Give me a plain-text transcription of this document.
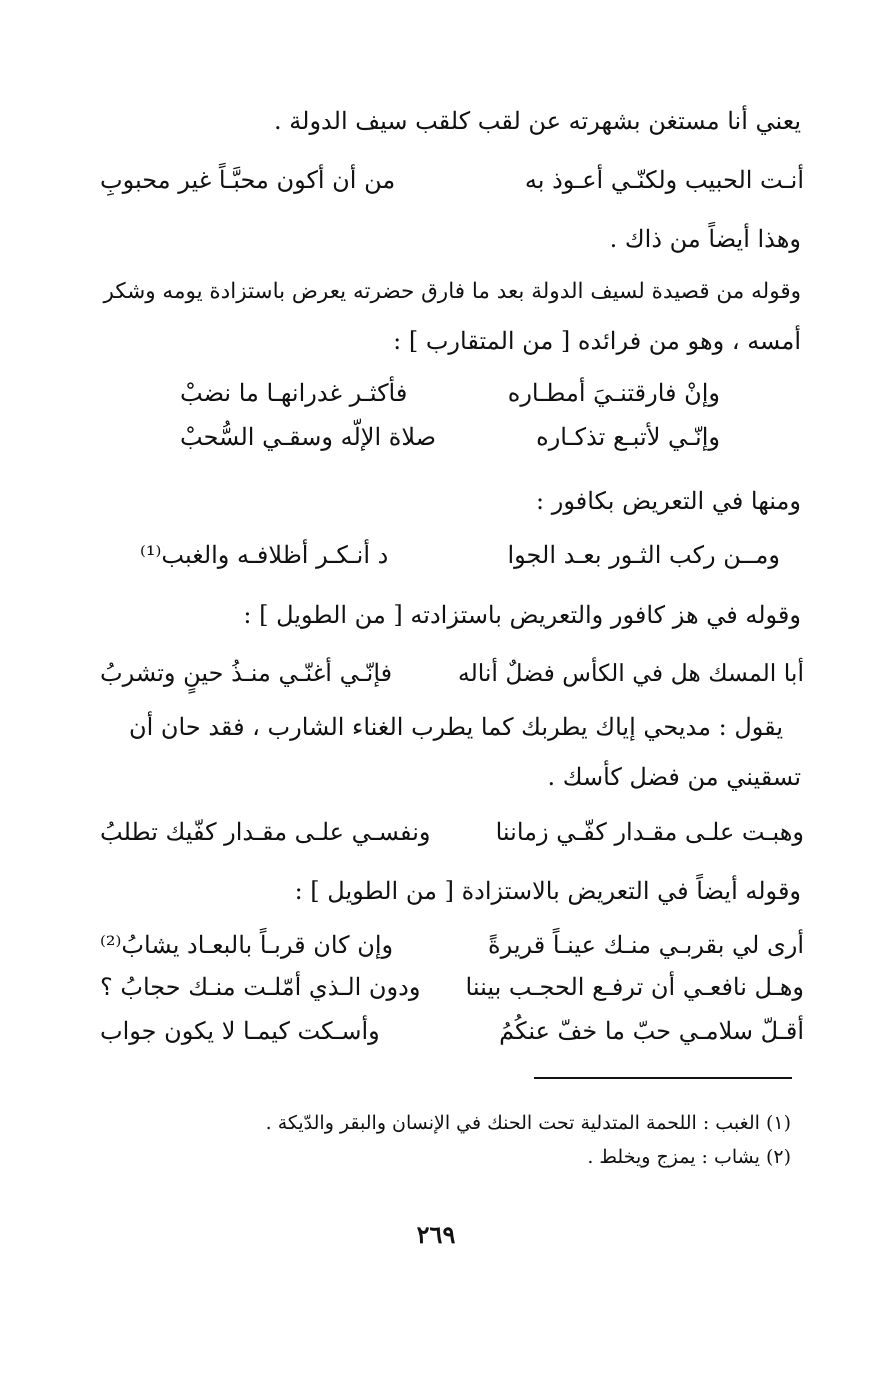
يعني أنا مستغن بشهرته عن لقب كلقب سيف الدولة .
أنـت الحبيب ولكنّـي أعـوذ به
من أن أكون محبَّـاً غير محبوبِ
وهذا أيضاً من ذاك .
وقوله من قصيدة لسيف الدولة بعد ما فارق حضرته يعرض باستزادة يومه وشكر
أمسه ، وهو من فرائده [ من المتقارب ] :
وإنْ فارقتنـيَ أمطـاره
فأكثـر غدرانهـا ما نضبْ
وإنّـي لأتبـع تذكـاره
صلاة الإلّه وسقـي السُّحبْ
ومنها في التعريض بكافور :
ومــن ركب الثـور بعـد الجوا
د أنـكـر أظلافـه والغبب⁽¹⁾
وقوله في هز كافور والتعريض باستزادته [ من الطويل ] :
أبا المسك هل في الكأس فضلٌ أناله
فإنّـي أغنّـي منـذُ حينٍ وتشربُ
يقول : مديحي إياك يطربك كما يطرب الغناء الشارب ، فقد حان أن
تسقيني من فضل كأسك .
وهبـت علـى مقـدار كفّـي زماننا
ونفسـي علـى مقـدار كفّيك تطلبُ
وقوله أيضاً في التعريض بالاستزادة [ من الطويل ] :
أرى لي بقربـي منـك عينـاً قريرةً
وإن كان قربـاً بالبعـاد يشابُ⁽²⁾
وهـل نافعـي أن ترفـع الحجـب بيننا
ودون الـذي أمّلـت منـك حجابُ ؟
أقـلّ سلامـي حبّ ما خفّ عنكُمُ
وأسـكت كيمـا لا يكون جواب
(١) الغبب : اللحمة المتدلية تحت الحنك في الإنسان والبقر والدّيكة .
(٢) يشاب : يمزج ويخلط .
٢٦٩
